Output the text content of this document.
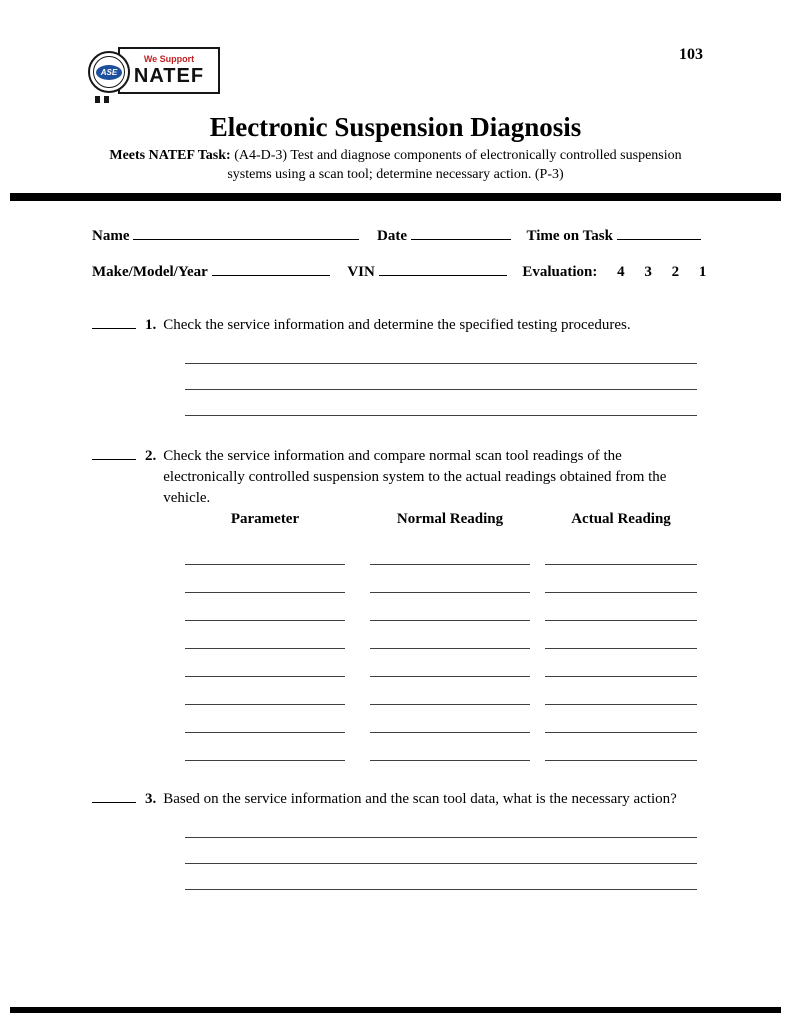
ASE
We Support
NATEF
103
Electronic Suspension Diagnosis

Meets NATEF Task: (A4-D-3) Test and diagnose components of electronically controlled suspension systems using a scan tool; determine necessary action. (P-3)

Name	Date	Time on Task
Make/Model/Year	VIN	Evaluation: 4 3 2 1
1. Check the service information and determine the specified testing procedures.
2. Check the service information and compare normal scan tool readings of the electronically controlled suspension system to the actual readings obtained from the vehicle.
Parameter	Normal Reading	Actual Reading
3. Based on the service information and the scan tool data, what is the necessary action?
